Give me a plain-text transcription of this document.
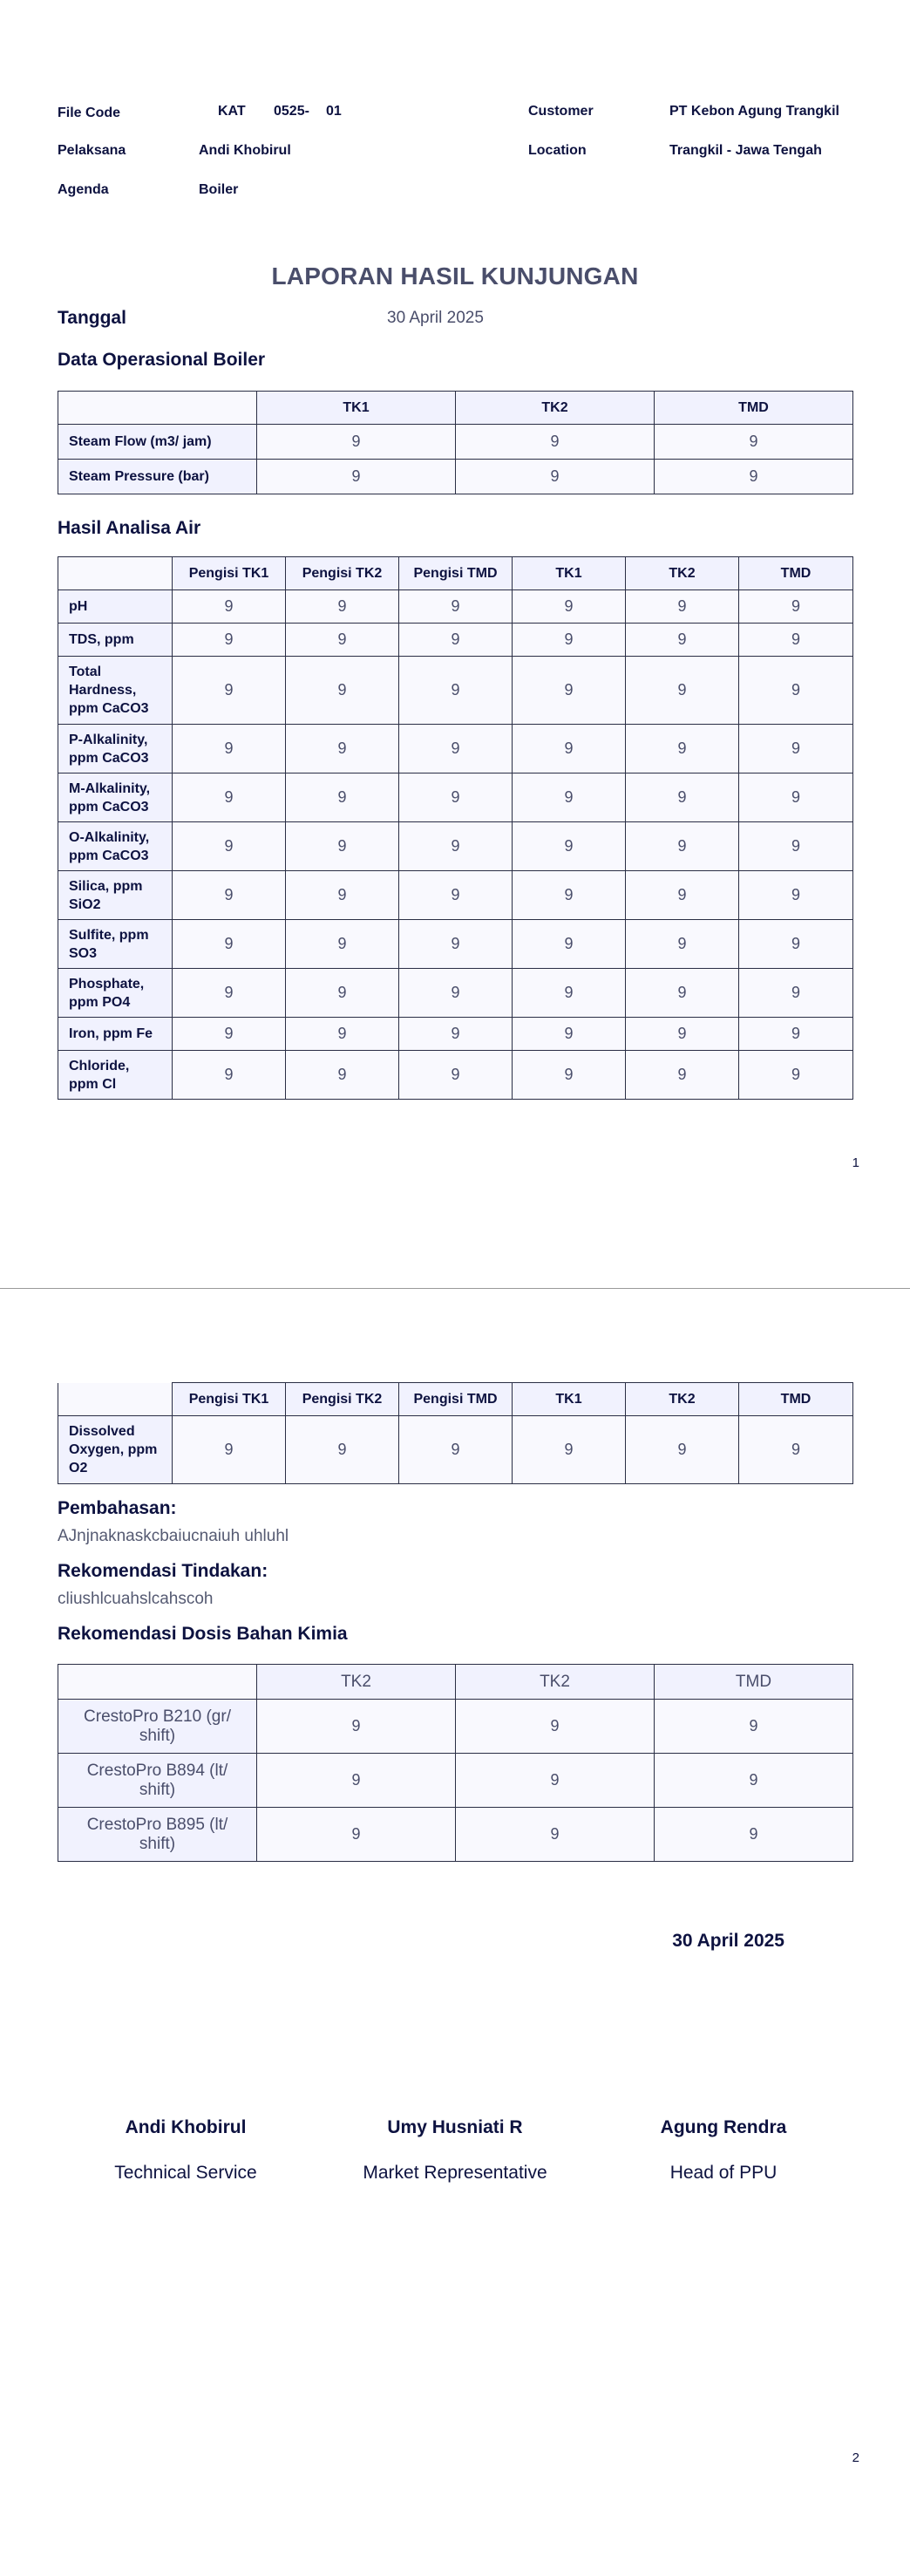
File Code	KAT 0525- 01
Pelaksana	Andi Khobirul
Agenda	Boiler
Customer	PT Kebon Agung Trangkil
Location	Trangkil - Jawa Tengah
LAPORAN HASIL KUNJUNGAN
Tanggal	30 April 2025
Data Operasional Boiler
	TK1	TK2	TMD
Steam Flow (m3/ jam)	9	9	9
Steam Pressure (bar)	9	9	9
Hasil Analisa Air
	Pengisi TK1	Pengisi TK2	Pengisi TMD	TK1	TK2	TMD
pH	9	9	9	9	9	9
TDS, ppm	9	9	9	9	9	9
Total Hardness, ppm CaCO3	9	9	9	9	9	9
P-Alkalinity, ppm CaCO3	9	9	9	9	9	9
M-Alkalinity, ppm CaCO3	9	9	9	9	9	9
O-Alkalinity, ppm CaCO3	9	9	9	9	9	9
Silica, ppm SiO2	9	9	9	9	9	9
Sulfite, ppm SO3	9	9	9	9	9	9
Phosphate, ppm PO4	9	9	9	9	9	9
Iron, ppm Fe	9	9	9	9	9	9
Chloride, ppm Cl	9	9	9	9	9	9
1
	Pengisi TK1	Pengisi TK2	Pengisi TMD	TK1	TK2	TMD
Dissolved Oxygen, ppm O2	9	9	9	9	9	9
Pembahasan:
AJnjnaknaskcbaiucnaiuh uhluhl
Rekomendasi Tindakan:
cliushlcuahslcahscoh
Rekomendasi Dosis Bahan Kimia
	TK2	TK2	TMD
CrestoPro B210 (gr/ shift)	9	9	9
CrestoPro B894 (lt/ shift)	9	9	9
CrestoPro B895 (lt/ shift)	9	9	9
30 April 2025
Andi Khobirul
Technical Service
Umy Husniati R
Market Representative
Agung Rendra
Head of PPU
2
